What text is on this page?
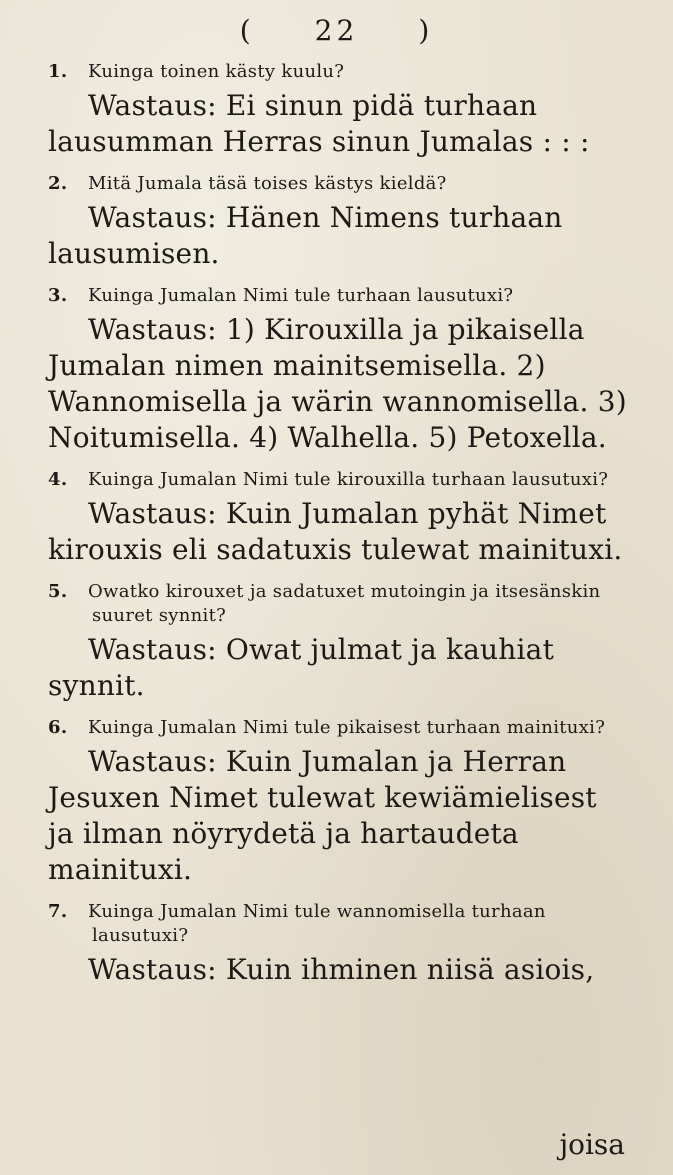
( 22 )

1. Kuinga toinen kästy kuulu?

Wastaus: Ei sinun pidä turhaan lausumman Herras sinun Jumalas : : :

2. Mitä Jumala täsä toises kästys kieldä?

Wastaus: Hänen Nimens turhaan lausumisen.

3. Kuinga Jumalan Nimi tule turhaan lausutuxi?

Wastaus: 1) Kirouxilla ja pikaisella Jumalan nimen mainitsemisella. 2) Wannomisella ja wärin wannomisella. 3) Noitumisella. 4) Walhella. 5) Petoxella.

4. Kuinga Jumalan Nimi tule kirouxilla turhaan lausutuxi?

Wastaus: Kuin Jumalan pyhät Nimet kirouxis eli sadatuxis tulewat mainituxi.

5. Owatko kirouxet ja sadatuxet mutoingin ja itsesänskin suuret synnit?

Wastaus: Owat julmat ja kauhiat synnit.

6. Kuinga Jumalan Nimi tule pikaisest turhaan mainituxi?

Wastaus: Kuin Jumalan ja Herran Jesuxen Nimet tulewat kewiämielisest ja ilman nöyrydetä ja hartaudeta mainituxi.

7. Kuinga Jumalan Nimi tule wannomisella turhaan lausutuxi?

Wastaus: Kuin ihminen niisä asiois,

joisa
